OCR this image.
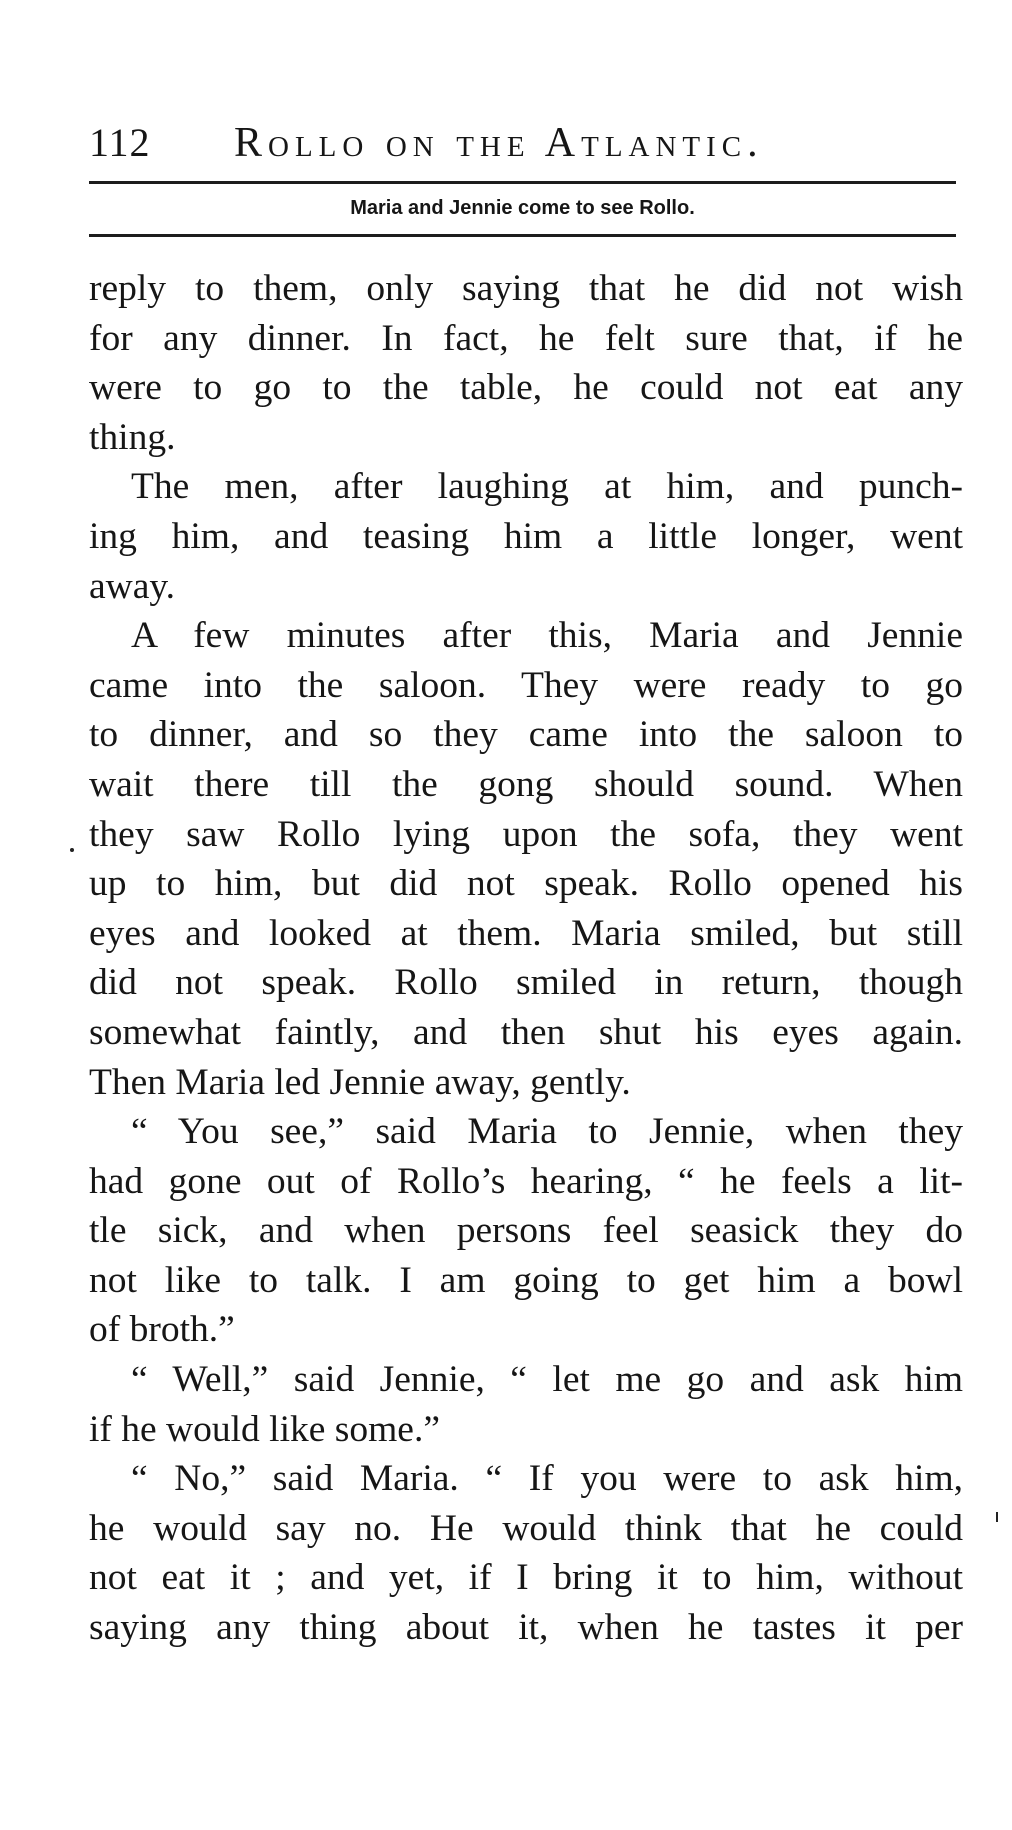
112 Rollo on the Atlantic.
Maria and Jennie come to see Rollo.
reply to them, only saying that he did not wish
for any dinner. In fact, he felt sure that, if he
were to go to the table, he could not eat any
thing.
The men, after laughing at him, and punch-
ing him, and teasing him a little longer, went
away.
A few minutes after this, Maria and Jennie
came into the saloon. They were ready to go
to dinner, and so they came into the saloon to
wait there till the gong should sound. When
they saw Rollo lying upon the sofa, they went
up to him, but did not speak. Rollo opened his
eyes and looked at them. Maria smiled, but still
did not speak. Rollo smiled in return, though
somewhat faintly, and then shut his eyes again.
Then Maria led Jennie away, gently.
“ You see,” said Maria to Jennie, when they
had gone out of Rollo’s hearing, “ he feels a lit-
tle sick, and when persons feel seasick they do
not like to talk. I am going to get him a bowl
of broth.”
“ Well,” said Jennie, “ let me go and ask him
if he would like some.”
“ No,” said Maria. “ If you were to ask him,
he would say no. He would think that he could
not eat it ; and yet, if I bring it to him, without
saying any thing about it, when he tastes it per
